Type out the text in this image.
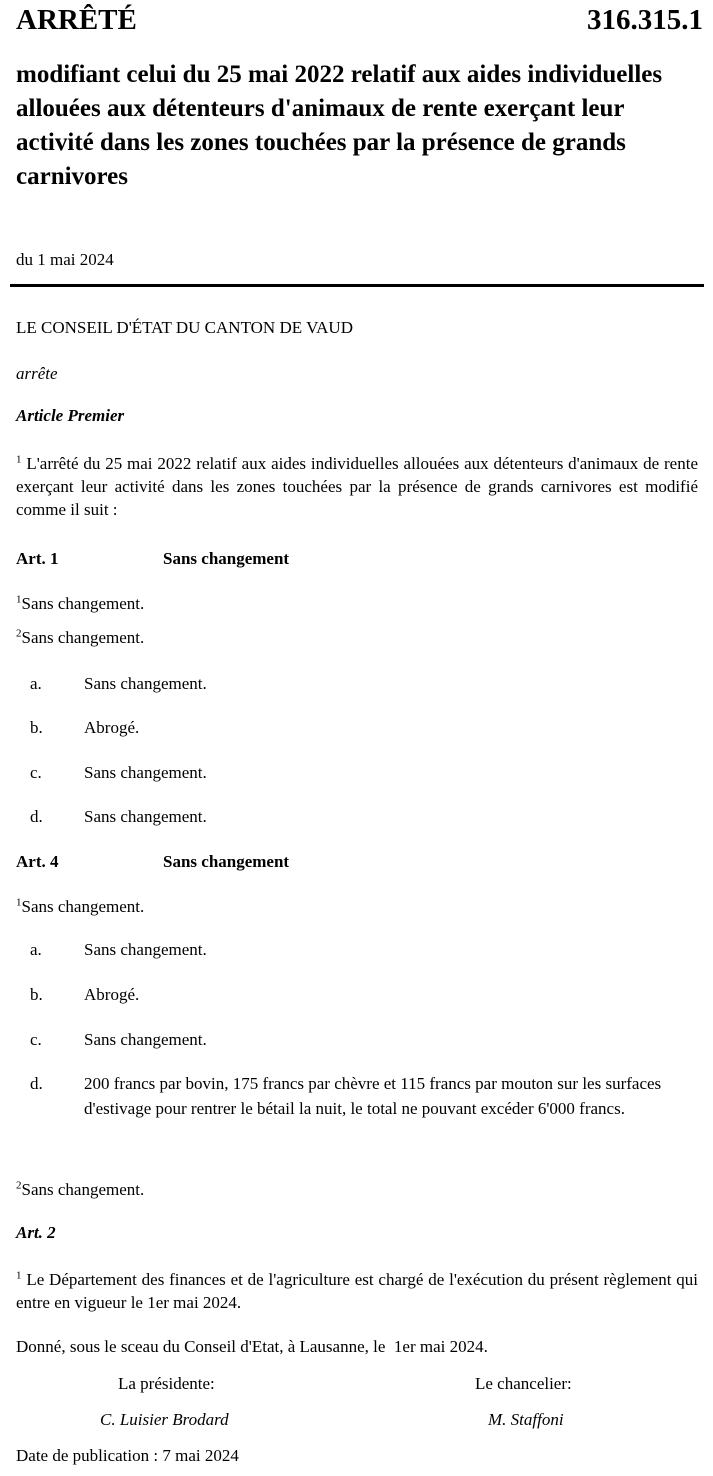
ARRÊTÉ	316.315.1
modifiant celui du 25 mai 2022 relatif aux aides individuelles allouées aux détenteurs d'animaux de rente exerçant leur activité dans les zones touchées par la présence de grands carnivores
du 1 mai 2024
LE CONSEIL D'ÉTAT DU CANTON DE VAUD
arrête
Article Premier
$^1$ L'arrêté du 25 mai 2022 relatif aux aides individuelles allouées aux détenteurs d'animaux de rente exerçant leur activité dans les zones touchées par la présence de grands carnivores est modifié comme il suit :
Art. 1	Sans changement
$^1$Sans changement.
$^2$Sans changement.
a. Sans changement.
b. Abrogé.
c. Sans changement.
d. Sans changement.
Art. 4	Sans changement
$^1$Sans changement.
a. Sans changement.
b. Abrogé.
c. Sans changement.
d. 200 francs par bovin, 175 francs par chèvre et 115 francs par mouton sur les surfaces d'estivage pour rentrer le bétail la nuit, le total ne pouvant excéder 6'000 francs.
$^2$Sans changement.
Art. 2
$^1$ Le Département des finances et de l'agriculture est chargé de l'exécution du présent règlement qui entre en vigueur le 1er mai 2024.
Donné, sous le sceau du Conseil d'Etat, à Lausanne, le  1er mai 2024.
La présidente:	Le chancelier:
C. Luisier Brodard	M. Staffoni
Date de publication : 7 mai 2024
